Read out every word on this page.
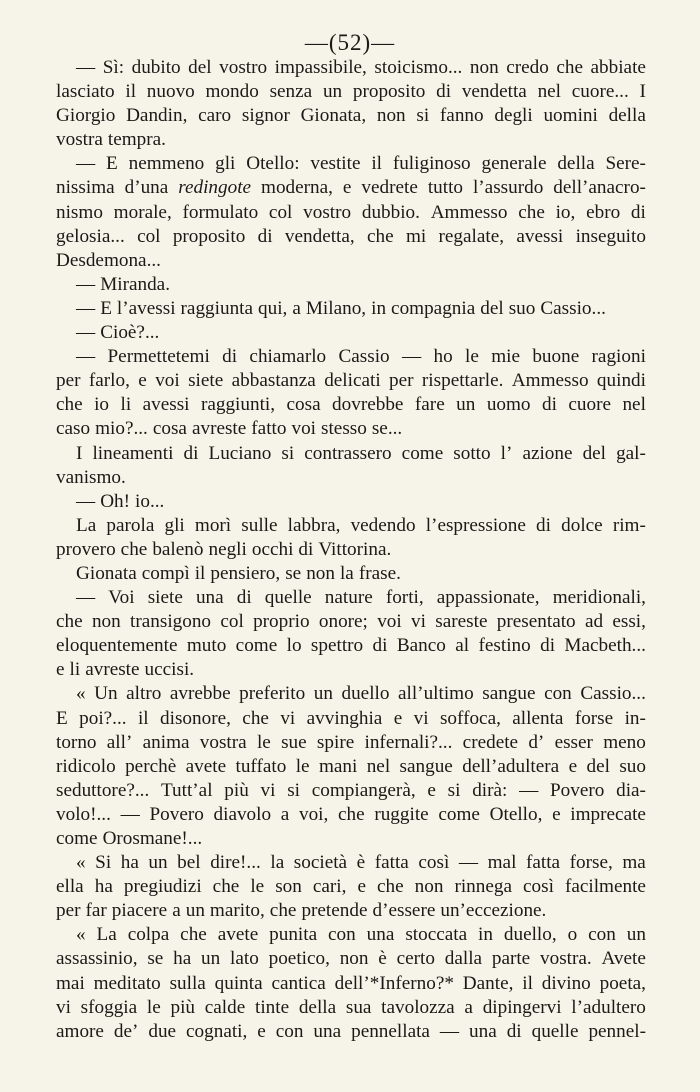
—(52)—
— Sì: dubito del vostro impassibile, stoicismo... non credo che abbiate
lasciato il nuovo mondo senza un proposito di vendetta nel cuore... I
Giorgio Dandin, caro signor Gionata, non si fanno degli uomini della
vostra tempra.
— E nemmeno gli Otello: vestite il fuliginoso generale della Sere-
nissima d’una redingote moderna, e vedrete tutto l’assurdo dell’anacro-
nismo morale, formulato col vostro dubbio. Ammesso che io, ebro di
gelosia... col proposito di vendetta, che mi regalate, avessi inseguito
Desdemona...
— Miranda.
— E l’avessi raggiunta qui, a Milano, in compagnia del suo Cassio...
— Cioè?...
— Permettetemi di chiamarlo Cassio — ho le mie buone ragioni
per farlo, e voi siete abbastanza delicati per rispettarle. Ammesso quindi
che io li avessi raggiunti, cosa dovrebbe fare un uomo di cuore nel
caso mio?... cosa avreste fatto voi stesso se...
I lineamenti di Luciano si contrassero come sotto l’ azione del gal-
vanismo.
— Oh! io...
La parola gli morì sulle labbra, vedendo l’espressione di dolce rim-
provero che balenò negli occhi di Vittorina.
Gionata compì il pensiero, se non la frase.
— Voi siete una di quelle nature forti, appassionate, meridionali,
che non transigono col proprio onore; voi vi sareste presentato ad essi,
eloquentemente muto come lo spettro di Banco al festino di Macbeth...
e li avreste uccisi.
« Un altro avrebbe preferito un duello all’ultimo sangue con Cassio...
E poi?... il disonore, che vi avvinghia e vi soffoca, allenta forse in-
torno all’ anima vostra le sue spire infernali?... credete d’ esser meno
ridicolo perchè avete tuffato le mani nel sangue dell’adultera e del suo
seduttore?... Tutt’al più vi si compiangerà, e si dirà: — Povero dia-
volo!... — Povero diavolo a voi, che ruggite come Otello, e imprecate
come Orosmane!...
« Si ha un bel dire!... la società è fatta così — mal fatta forse, ma
ella ha pregiudizi che le son cari, e che non rinnega così facilmente
per far piacere a un marito, che pretende d’essere un’eccezione.
« La colpa che avete punita con una stoccata in duello, o con un
assassinio, se ha un lato poetico, non è certo dalla parte vostra. Avete
mai meditato sulla quinta cantica dell’*Inferno?* Dante, il divino poeta,
vi sfoggia le più calde tinte della sua tavolozza a dipingervi l’adultero
amore de’ due cognati, e con una pennellata — una di quelle pennel-
